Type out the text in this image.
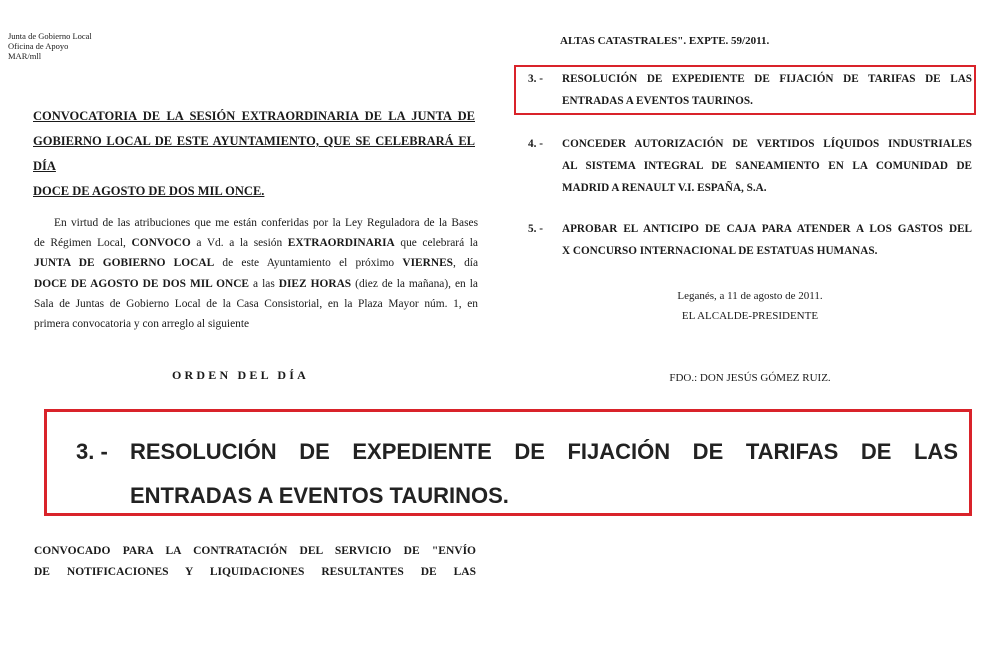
Junta de Gobierno Local
Oficina de Apoyo
MAR/mll
CONVOCATORIA DE LA SESIÓN EXTRAORDINARIA DE LA JUNTA DE
GOBIERNO LOCAL DE ESTE AYUNTAMIENTO, QUE SE CELEBRARÁ EL DÍA
DOCE DE AGOSTO DE DOS MIL ONCE.
En virtud de las atribuciones que me están conferidas por la Ley Reguladora de la Bases
de Régimen Local, CONVOCO a Vd. a la sesión EXTRAORDINARIA que celebrará la
JUNTA DE GOBIERNO LOCAL de este Ayuntamiento el próximo VIERNES, día
DOCE DE AGOSTO DE DOS MIL ONCE a las DIEZ HORAS (diez de la mañana), en la
Sala de Juntas de Gobierno Local de la Casa Consistorial, en la Plaza Mayor núm. 1, en
primera convocatoria y con arreglo al siguiente
ORDEN DEL DÍA
ALTAS CATASTRALES". EXPTE. 59/2011.
3. -	RESOLUCIÓN DE EXPEDIENTE DE FIJACIÓN DE TARIFAS DE LAS
ENTRADAS A EVENTOS TAURINOS.
4. -	CONCEDER AUTORIZACIÓN DE VERTIDOS LÍQUIDOS INDUSTRIALES
AL SISTEMA INTEGRAL DE SANEAMIENTO EN LA COMUNIDAD DE
MADRID A RENAULT V.I. ESPAÑA, S.A.
5. -	APROBAR EL ANTICIPO DE CAJA PARA ATENDER A LOS GASTOS DEL
X CONCURSO INTERNACIONAL DE ESTATUAS HUMANAS.
Leganés, a 11 de agosto de 2011.
EL ALCALDE-PRESIDENTE
FDO.: DON JESÚS GÓMEZ RUIZ.
3. -	RESOLUCIÓN DE EXPEDIENTE DE FIJACIÓN DE TARIFAS DE LAS
ENTRADAS A EVENTOS TAURINOS.
CONVOCADO PARA LA CONTRATACIÓN DEL SERVICIO DE "ENVÍO
DE NOTIFICACIONES Y LIQUIDACIONES RESULTANTES DE LAS
